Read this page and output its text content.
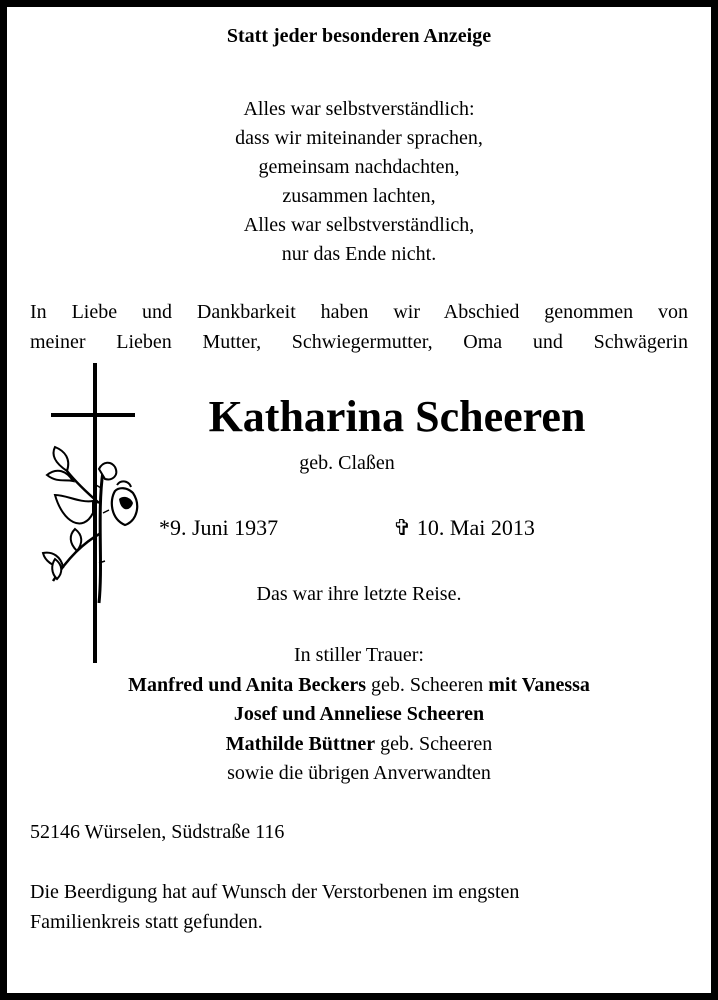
Statt jeder besonderen Anzeige
Alles war selbstverständlich:
dass wir miteinander sprachen,
gemeinsam nachdachten,
zusammen lachten,
Alles war selbstverständlich,
nur das Ende nicht.
In Liebe und Dankbarkeit haben wir Abschied genommen von
meiner Lieben Mutter, Schwiegermutter, Oma und Schwägerin
Katharina Scheeren
geb. Claßen
*9. Juni 1937	✞ 10. Mai 2013
Das war ihre letzte Reise.
In stiller Trauer:
Manfred und Anita Beckers geb. Scheeren mit Vanessa
Josef und Anneliese Scheeren
Mathilde Büttner geb. Scheeren
sowie die übrigen Anverwandten
52146 Würselen, Südstraße 116
Die Beerdigung hat auf Wunsch der Verstorbenen im engsten
Familienkreis statt gefunden.
